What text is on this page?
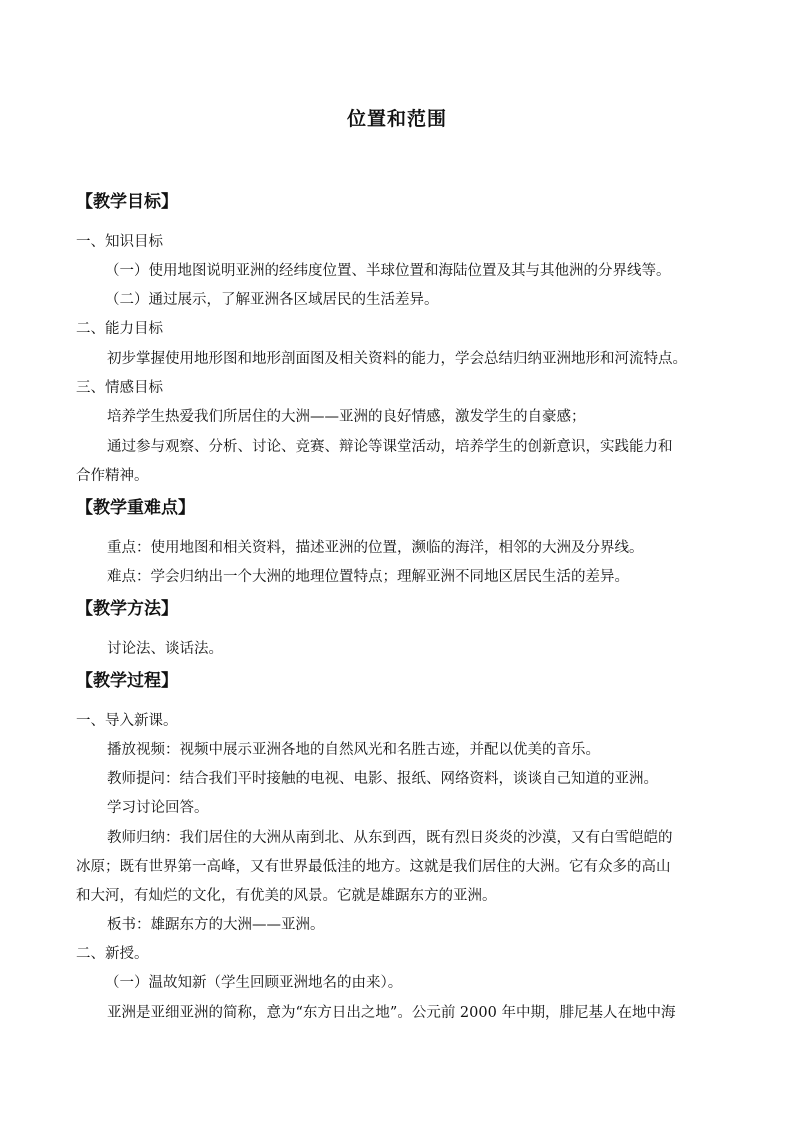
位置和范围
【教学目标】
一、知识目标
（一）使用地图说明亚洲的经纬度位置、半球位置和海陆位置及其与其他洲的分界线等。
（二）通过展示，了解亚洲各区域居民的生活差异。
二、能力目标
初步掌握使用地形图和地形剖面图及相关资料的能力，学会总结归纳亚洲地形和河流特点。
三、情感目标
培养学生热爱我们所居住的大洲——亚洲的良好情感，激发学生的自豪感；
通过参与观察、分析、讨论、竞赛、辩论等课堂活动，培养学生的创新意识，实践能力和
合作精神。
【教学重难点】
重点：使用地图和相关资料，描述亚洲的位置，濒临的海洋，相邻的大洲及分界线。
难点：学会归纳出一个大洲的地理位置特点；理解亚洲不同地区居民生活的差异。
【教学方法】
讨论法、谈话法。
【教学过程】
一、导入新课。
播放视频：视频中展示亚洲各地的自然风光和名胜古迹，并配以优美的音乐。
教师提问：结合我们平时接触的电视、电影、报纸、网络资料，谈谈自己知道的亚洲。
学习讨论回答。
教师归纳：我们居住的大洲从南到北、从东到西，既有烈日炎炎的沙漠，又有白雪皑皑的
冰原；既有世界第一高峰，又有世界最低洼的地方。这就是我们居住的大洲。它有众多的高山
和大河，有灿烂的文化，有优美的风景。它就是雄踞东方的亚洲。
板书：雄踞东方的大洲——亚洲。
二、新授。
（一）温故知新（学生回顾亚洲地名的由来）。
亚洲是亚细亚洲的简称，意为“东方日出之地”。公元前 2000 年中期，腓尼基人在地中海
